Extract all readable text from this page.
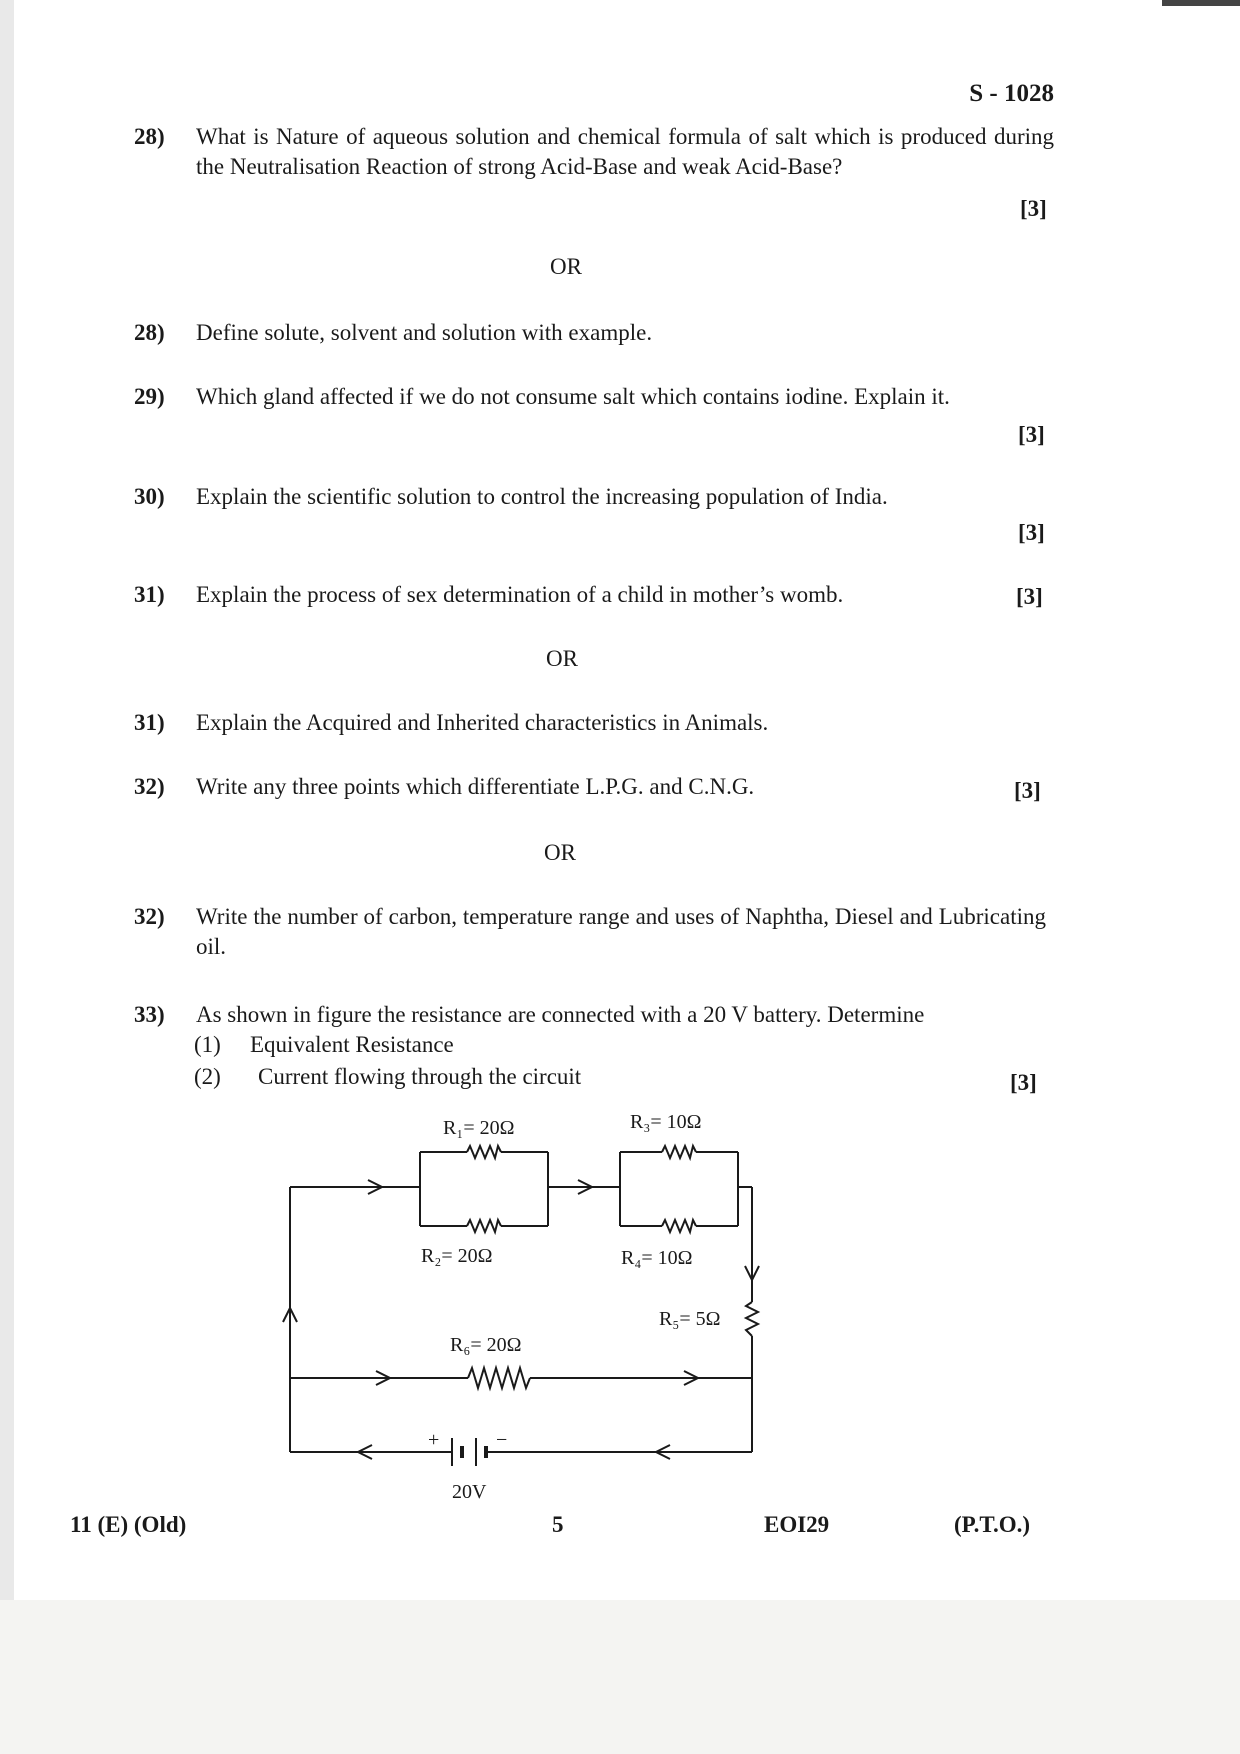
S - 1028
28) What is Nature of aqueous solution and chemical formula of salt which is produced during the Neutralisation Reaction of strong Acid-Base and weak Acid-Base?
[3]
OR
28) Define solute, solvent and solution with example.
29) Which gland affected if we do not consume salt which contains iodine. Explain it.
[3]
30) Explain the scientific solution to control the increasing population of India.
[3]
31) Explain the process of sex determination of a child in mother’s womb.	[3]
OR
31) Explain the Acquired and Inherited characteristics in Animals.
32) Write any three points which differentiate L.P.G. and C.N.G.	[3]
OR
32) Write the number of carbon, temperature range and uses of Naphtha, Diesel and Lubricating oil.
33) As shown in figure the resistance are connected with a 20 V battery. Determine
(1) Equivalent Resistance
(2) Current flowing through the circuit	[3]
R₁= 20Ω
R₂= 20Ω
R₃= 10Ω
R₄= 10Ω
R₅= 5Ω
R₆= 20Ω
+	−
20V
11 (E) (Old)	5	EOI29	(P.T.O.)
